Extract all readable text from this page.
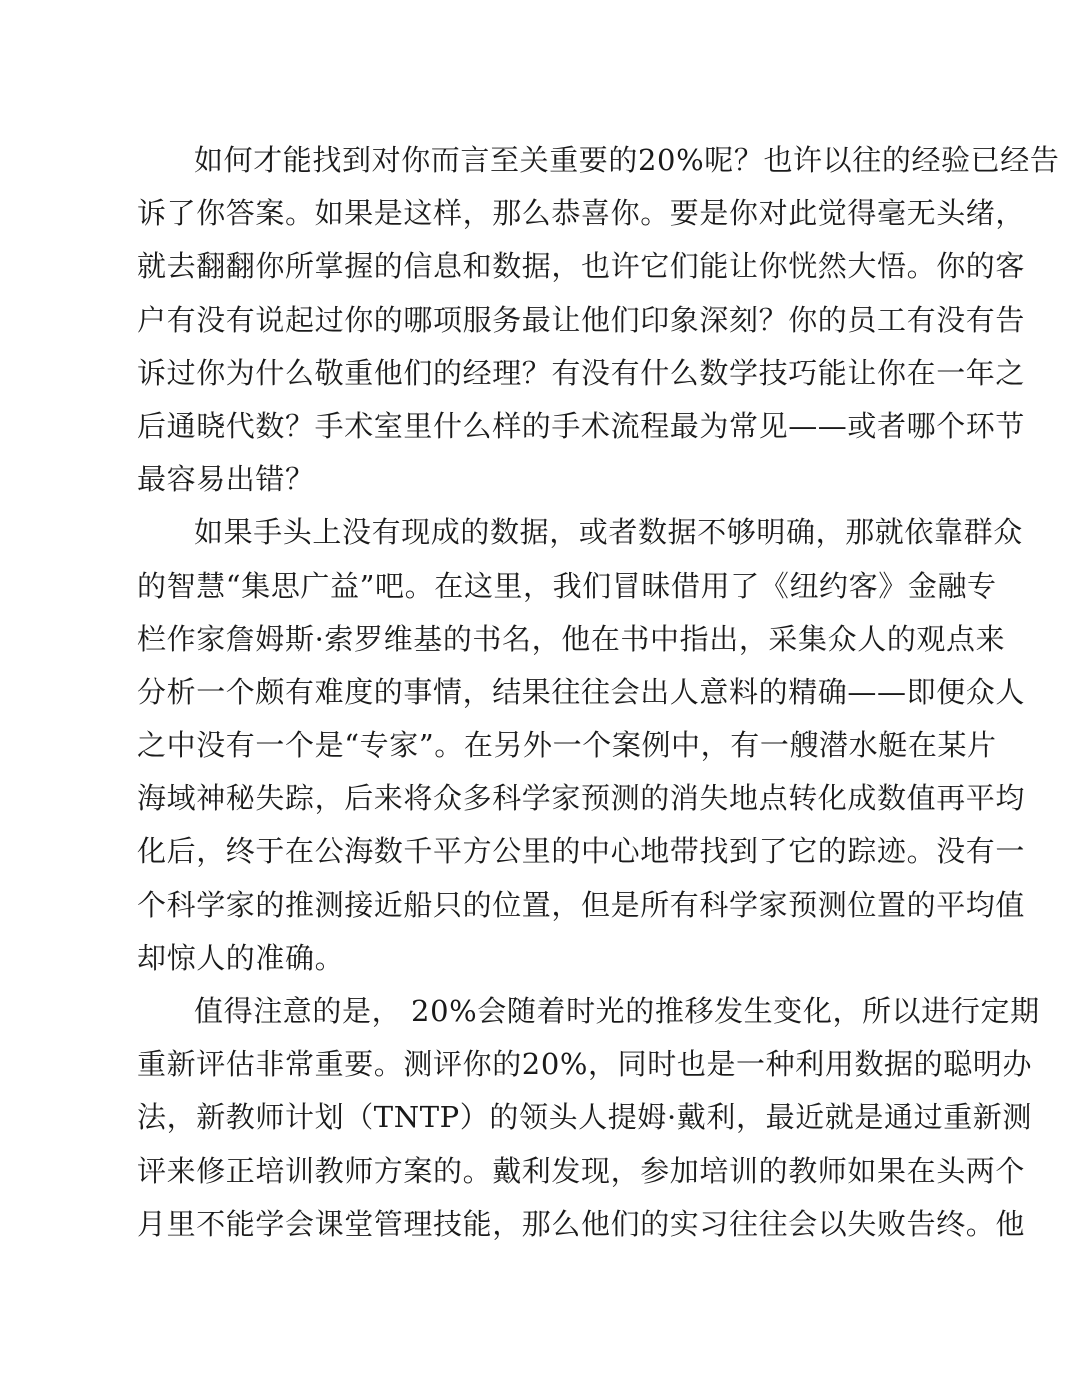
如何才能找到对你而言至关重要的20%呢？也许以往的经验已经告
诉了你答案。如果是这样，那么恭喜你。要是你对此觉得毫无头绪，
就去翻翻你所掌握的信息和数据，也许它们能让你恍然大悟。你的客
户有没有说起过你的哪项服务最让他们印象深刻？你的员工有没有告
诉过你为什么敬重他们的经理？有没有什么数学技巧能让你在一年之
后通晓代数？手术室里什么样的手术流程最为常见——或者哪个环节
最容易出错？
如果手头上没有现成的数据，或者数据不够明确，那就依靠群众
的智慧“集思广益”吧。在这里，我们冒昧借用了《纽约客》金融专
栏作家詹姆斯·索罗维基的书名，他在书中指出，采集众人的观点来
分析一个颇有难度的事情，结果往往会出人意料的精确——即便众人
之中没有一个是“专家”。在另外一个案例中，有一艘潜水艇在某片
海域神秘失踪，后来将众多科学家预测的消失地点转化成数值再平均
化后，终于在公海数千平方公里的中心地带找到了它的踪迹。没有一
个科学家的推测接近船只的位置，但是所有科学家预测位置的平均值
却惊人的准确。
值得注意的是， 20%会随着时光的推移发生变化，所以进行定期
重新评估非常重要。测评你的20%，同时也是一种利用数据的聪明办
法，新教师计划（TNTP）的领头人提姆·戴利，最近就是通过重新测
评来修正培训教师方案的。戴利发现，参加培训的教师如果在头两个
月里不能学会课堂管理技能，那么他们的实习往往会以失败告终。他
